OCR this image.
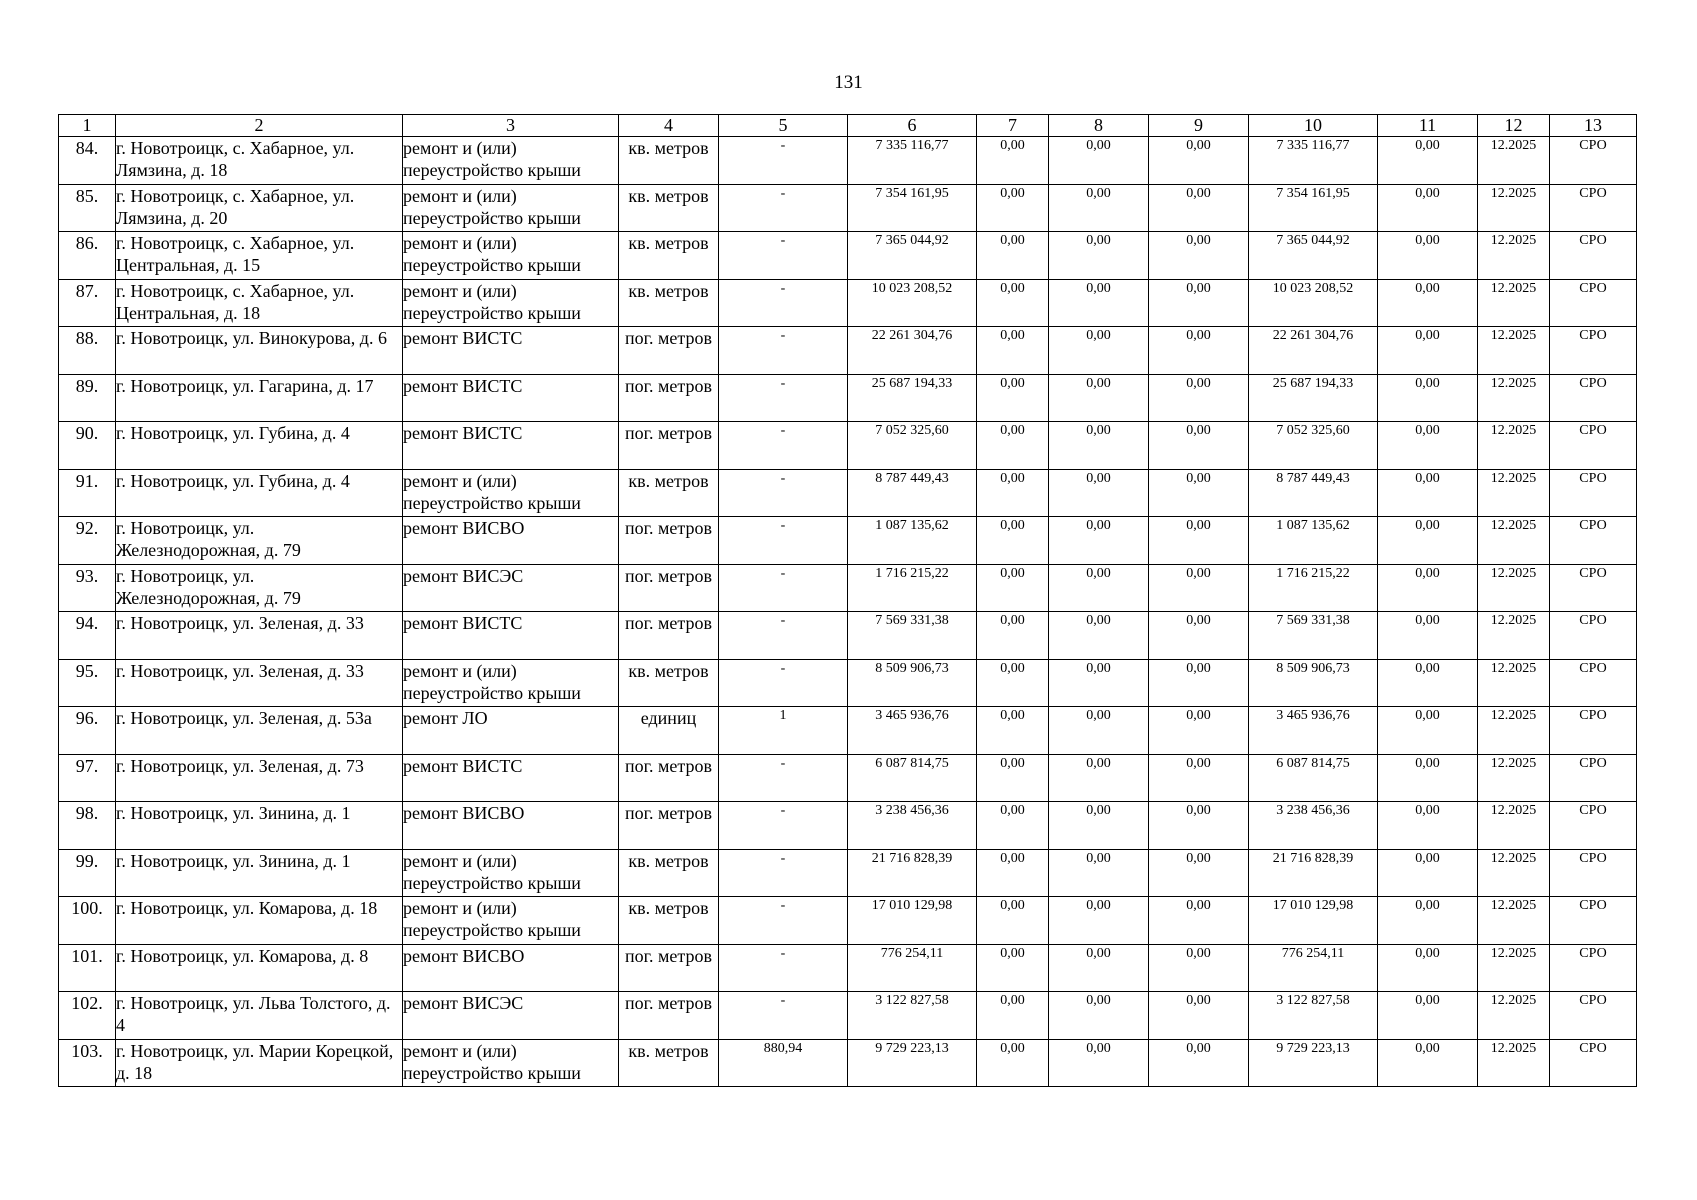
131
1	2	3	4	5	6	7	8	9	10	11	12	13
84.	г. Новотроицк, с. Хабарное, ул. Лямзина, д. 18	ремонт и (или) переустройство крыши	кв. метров	-	7 335 116,77	0,00	0,00	0,00	7 335 116,77	0,00	12.2025	СРО
85.	г. Новотроицк, с. Хабарное, ул. Лямзина, д. 20	ремонт и (или) переустройство крыши	кв. метров	-	7 354 161,95	0,00	0,00	0,00	7 354 161,95	0,00	12.2025	СРО
86.	г. Новотроицк, с. Хабарное, ул. Центральная, д. 15	ремонт и (или) переустройство крыши	кв. метров	-	7 365 044,92	0,00	0,00	0,00	7 365 044,92	0,00	12.2025	СРО
87.	г. Новотроицк, с. Хабарное, ул. Центральная, д. 18	ремонт и (или) переустройство крыши	кв. метров	-	10 023 208,52	0,00	0,00	0,00	10 023 208,52	0,00	12.2025	СРО
88.	г. Новотроицк, ул. Винокурова, д. 6	ремонт ВИСТС	пог. метров	-	22 261 304,76	0,00	0,00	0,00	22 261 304,76	0,00	12.2025	СРО
89.	г. Новотроицк, ул. Гагарина, д. 17	ремонт ВИСТС	пог. метров	-	25 687 194,33	0,00	0,00	0,00	25 687 194,33	0,00	12.2025	СРО
90.	г. Новотроицк, ул. Губина, д. 4	ремонт ВИСТС	пог. метров	-	7 052 325,60	0,00	0,00	0,00	7 052 325,60	0,00	12.2025	СРО
91.	г. Новотроицк, ул. Губина, д. 4	ремонт и (или) переустройство крыши	кв. метров	-	8 787 449,43	0,00	0,00	0,00	8 787 449,43	0,00	12.2025	СРО
92.	г. Новотроицк, ул. Железнодорожная, д. 79	ремонт ВИСВО	пог. метров	-	1 087 135,62	0,00	0,00	0,00	1 087 135,62	0,00	12.2025	СРО
93.	г. Новотроицк, ул. Железнодорожная, д. 79	ремонт ВИСЭС	пог. метров	-	1 716 215,22	0,00	0,00	0,00	1 716 215,22	0,00	12.2025	СРО
94.	г. Новотроицк, ул. Зеленая, д. 33	ремонт ВИСТС	пог. метров	-	7 569 331,38	0,00	0,00	0,00	7 569 331,38	0,00	12.2025	СРО
95.	г. Новотроицк, ул. Зеленая, д. 33	ремонт и (или) переустройство крыши	кв. метров	-	8 509 906,73	0,00	0,00	0,00	8 509 906,73	0,00	12.2025	СРО
96.	г. Новотроицк, ул. Зеленая, д. 53а	ремонт ЛО	единиц	1	3 465 936,76	0,00	0,00	0,00	3 465 936,76	0,00	12.2025	СРО
97.	г. Новотроицк, ул. Зеленая, д. 73	ремонт ВИСТС	пог. метров	-	6 087 814,75	0,00	0,00	0,00	6 087 814,75	0,00	12.2025	СРО
98.	г. Новотроицк, ул. Зинина, д. 1	ремонт ВИСВО	пог. метров	-	3 238 456,36	0,00	0,00	0,00	3 238 456,36	0,00	12.2025	СРО
99.	г. Новотроицк, ул. Зинина, д. 1	ремонт и (или) переустройство крыши	кв. метров	-	21 716 828,39	0,00	0,00	0,00	21 716 828,39	0,00	12.2025	СРО
100.	г. Новотроицк, ул. Комарова, д. 18	ремонт и (или) переустройство крыши	кв. метров	-	17 010 129,98	0,00	0,00	0,00	17 010 129,98	0,00	12.2025	СРО
101.	г. Новотроицк, ул. Комарова, д. 8	ремонт ВИСВО	пог. метров	-	776 254,11	0,00	0,00	0,00	776 254,11	0,00	12.2025	СРО
102.	г. Новотроицк, ул. Льва Толстого, д. 4	ремонт ВИСЭС	пог. метров	-	3 122 827,58	0,00	0,00	0,00	3 122 827,58	0,00	12.2025	СРО
103.	г. Новотроицк, ул. Марии Корецкой, д. 18	ремонт и (или) переустройство крыши	кв. метров	880,94	9 729 223,13	0,00	0,00	0,00	9 729 223,13	0,00	12.2025	СРО
